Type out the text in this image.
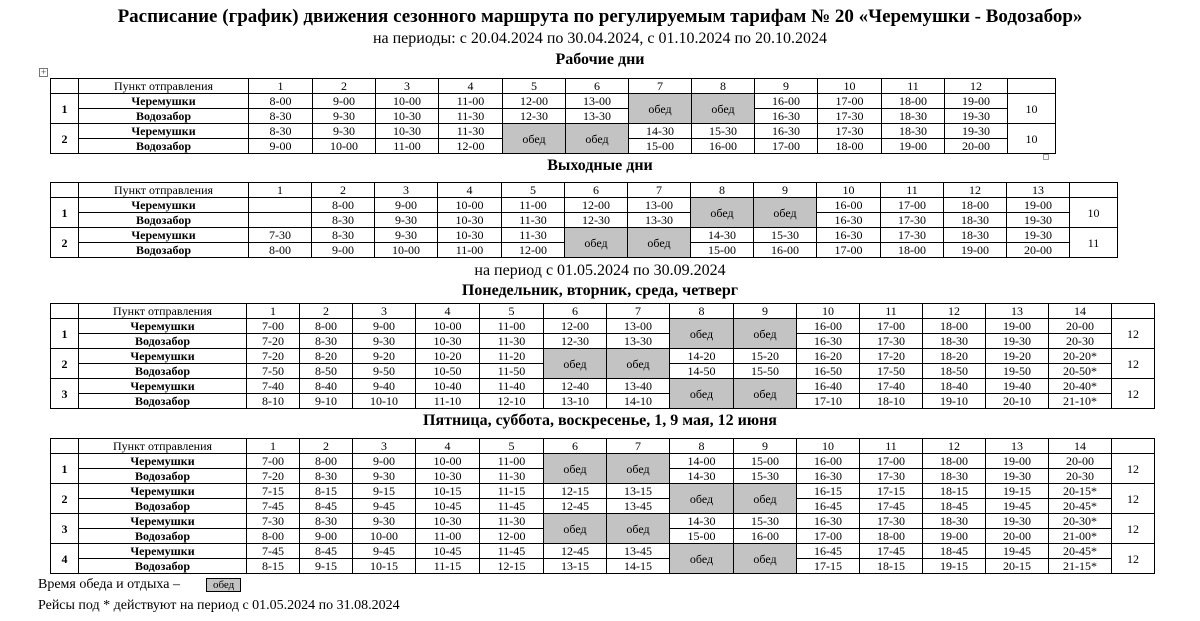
Расписание (график) движения сезонного маршрута по регулируемым тарифам № 20 «Черемушки - Водозабор»
на периоды: с 20.04.2024 по 30.04.2024, с 01.10.2024 по 20.10.2024
+
Рабочие дни
	Пункт отправления	1	2	3	4	5	6	7	8	9	10	11	12	
1	Черемушки	8-00	9-00	10-00	11-00	12-00	13-00	обед	обед	16-00	17-00	18-00	19-00	10
	Водозабор	8-30	9-30	10-30	11-30	12-30	13-30			16-30	17-30	18-30	19-30	
2	Черемушки	8-30	9-30	10-30	11-30	обед	обед	14-30	15-30	16-30	17-30	18-30	19-30	10
	Водозабор	9-00	10-00	11-00	12-00			15-00	16-00	17-00	18-00	19-00	20-00	
Выходные дни
	Пункт отправления	1	2	3	4	5	6	7	8	9	10	11	12	13	
1	Черемушки		8-00	9-00	10-00	11-00	12-00	13-00	обед	обед	16-00	17-00	18-00	19-00	10
	Водозабор		8-30	9-30	10-30	11-30	12-30	13-30			16-30	17-30	18-30	19-30	
2	Черемушки	7-30	8-30	9-30	10-30	11-30	обед	обед	14-30	15-30	16-30	17-30	18-30	19-30	11
	Водозабор	8-00	9-00	10-00	11-00	12-00			15-00	16-00	17-00	18-00	19-00	20-00	
на период с 01.05.2024 по 30.09.2024
Понедельник, вторник, среда, четверг
	Пункт отправления	1	2	3	4	5	6	7	8	9	10	11	12	13	14	
1	Черемушки	7-00	8-00	9-00	10-00	11-00	12-00	13-00	обед	обед	16-00	17-00	18-00	19-00	20-00	12
	Водозабор	7-20	8-30	9-30	10-30	11-30	12-30	13-30			16-30	17-30	18-30	19-30	20-30	
2	Черемушки	7-20	8-20	9-20	10-20	11-20	обед	обед	14-20	15-20	16-20	17-20	18-20	19-20	20-20*	12
	Водозабор	7-50	8-50	9-50	10-50	11-50			14-50	15-50	16-50	17-50	18-50	19-50	20-50*	
3	Черемушки	7-40	8-40	9-40	10-40	11-40	12-40	13-40	обед	обед	16-40	17-40	18-40	19-40	20-40*	12
	Водозабор	8-10	9-10	10-10	11-10	12-10	13-10	14-10			17-10	18-10	19-10	20-10	21-10*	
Пятница, суббота, воскресенье, 1, 9 мая, 12 июня
	Пункт отправления	1	2	3	4	5	6	7	8	9	10	11	12	13	14	
1	Черемушки	7-00	8-00	9-00	10-00	11-00	обед	обед	14-00	15-00	16-00	17-00	18-00	19-00	20-00	12
	Водозабор	7-20	8-30	9-30	10-30	11-30			14-30	15-30	16-30	17-30	18-30	19-30	20-30	
2	Черемушки	7-15	8-15	9-15	10-15	11-15	12-15	13-15	обед	обед	16-15	17-15	18-15	19-15	20-15*	12
	Водозабор	7-45	8-45	9-45	10-45	11-45	12-45	13-45			16-45	17-45	18-45	19-45	20-45*	
3	Черемушки	7-30	8-30	9-30	10-30	11-30	обед	обед	14-30	15-30	16-30	17-30	18-30	19-30	20-30*	12
	Водозабор	8-00	9-00	10-00	11-00	12-00			15-00	16-00	17-00	18-00	19-00	20-00	21-00*	
4	Черемушки	7-45	8-45	9-45	10-45	11-45	12-45	13-45	обед	обед	16-45	17-45	18-45	19-45	20-45*	12
	Водозабор	8-15	9-15	10-15	11-15	12-15	13-15	14-15			17-15	18-15	19-15	20-15	21-15*	
Время обеда и отдыха –	обед
Рейсы под * действуют на период с 01.05.2024 по 31.08.2024
